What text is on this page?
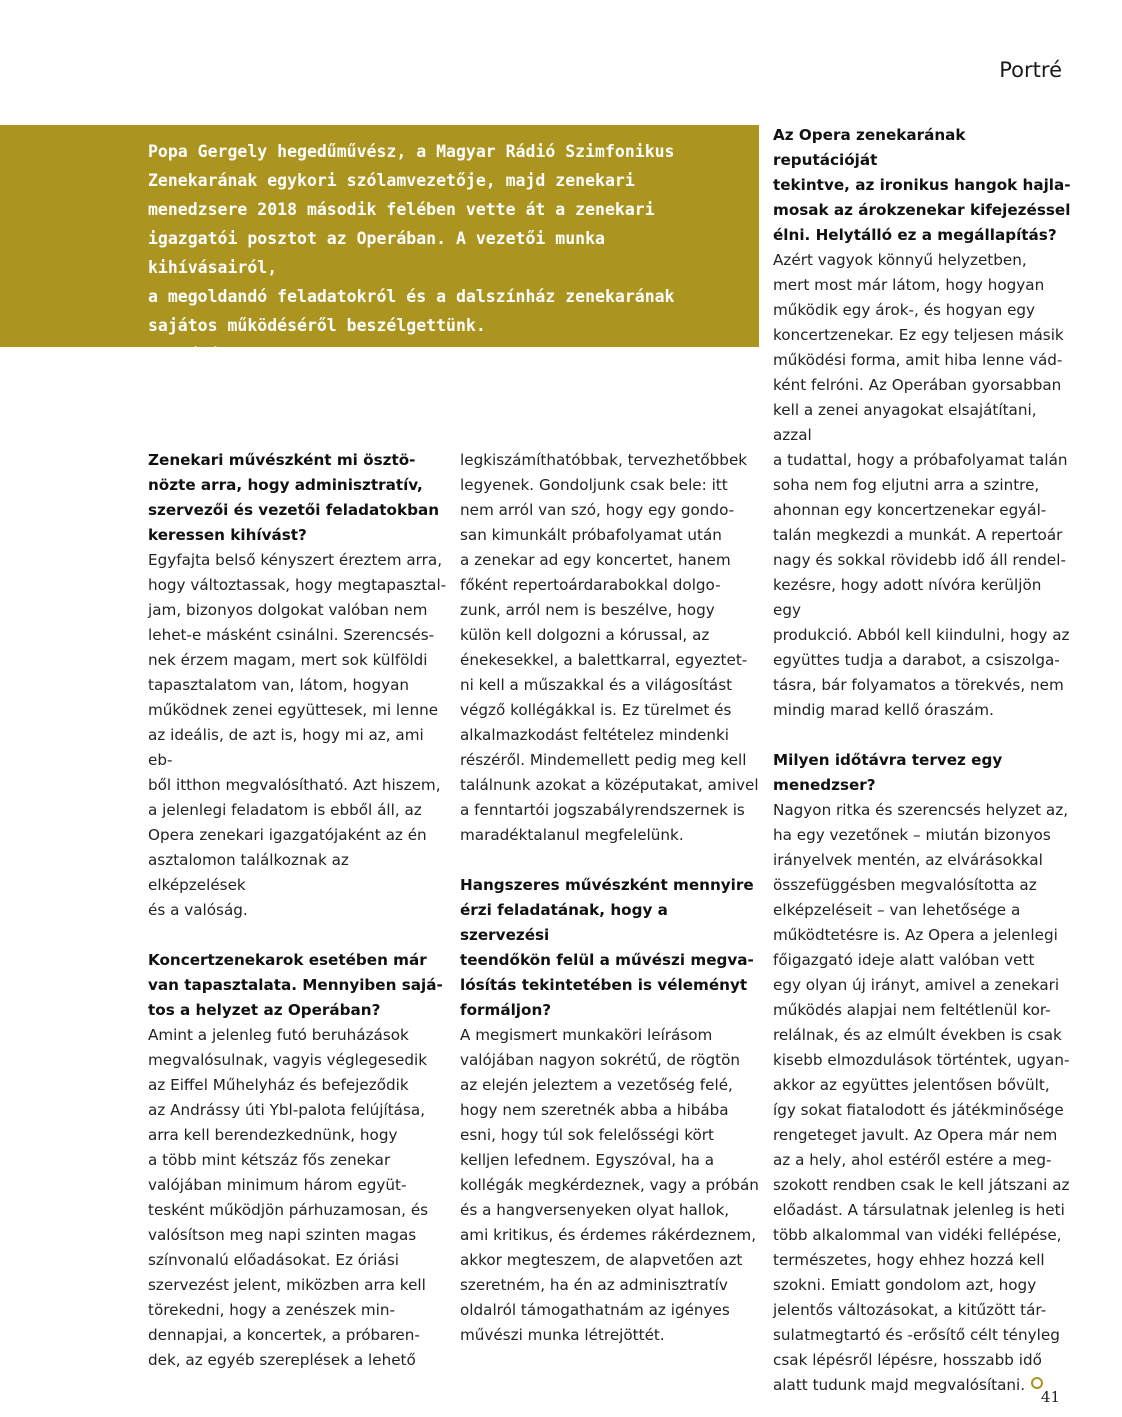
Portré
Popa Gergely hegedűművész, a Magyar Rádió Szimfonikus
Zenekarának egykori szólamvezetője, majd zenekari
menedzsere 2018 második felében vette át a zenekari
igazgatói posztot az Operában. A vezetői munka kihívásairól,
a megoldandó feladatokról és a dalszínház zenekarának
sajátos működéséről beszélgettünk.
Ur Máté

Zenekari művészként mi ösztö-
nözte arra, hogy adminisztratív,
szervezői és vezetői feladatokban
keressen kihívást?

Egyfajta belső kényszert éreztem arra,
hogy változtassak, hogy megtapasztal-
jam, bizonyos dolgokat valóban nem
lehet-e másként csinálni. Szerencsés-
nek érzem magam, mert sok külföldi
tapasztalatom van, látom, hogyan
működnek zenei együttesek, mi lenne
az ideális, de azt is, hogy mi az, ami eb-
ből itthon megvalósítható. Azt hiszem,
a jelenlegi feladatom is ebből áll, az
Opera zenekari igazgatójaként az én
asztalomon találkoznak az elképzelések
és a valóság.

Koncertzenekarok esetében már
van tapasztalata. Mennyiben sajá-
tos a helyzet az Operában?

Amint a jelenleg futó beruházások
megvalósulnak, vagyis véglegesedik
az Eiffel Műhelyház és befejeződik
az Andrássy úti Ybl-palota felújítása,
arra kell berendezkednünk, hogy
a több mint kétszáz fős zenekar
valójában minimum három együt-
tesként működjön párhuzamosan, és
valósítson meg napi szinten magas
színvonalú előadásokat. Ez óriási
szervezést jelent, miközben arra kell
törekedni, hogy a zenészek min-
dennapjai, a koncertek, a próbaren-
dek, az egyéb szereplések a lehető

legkiszámíthatóbbak, tervezhetőbbek
legyenek. Gondoljunk csak bele: itt
nem arról van szó, hogy egy gondo-
san kimunkált próbafolyamat után
a zenekar ad egy koncertet, hanem
főként repertoárdarabokkal dolgo-
zunk, arról nem is beszélve, hogy
külön kell dolgozni a kórussal, az
énekesekkel, a balettkarral, egyeztet-
ni kell a műszakkal és a világosítást
végző kollégákkal is. Ez türelmet és
alkalmazkodást feltételez mindenki
részéről. Mindemellett pedig meg kell
találnunk azokat a középutakat, amivel
a fenntartói jogszabályrendszernek is
maradéktalanul megfelelünk.

Hangszeres művészként mennyire
érzi feladatának, hogy a szervezési
teendőkön felül a művészi megva-
lósítás tekintetében is véleményt
formáljon?

A megismert munkaköri leírásom
valójában nagyon sokrétű, de rögtön
az elején jeleztem a vezetőség felé,
hogy nem szeretnék abba a hibába
esni, hogy túl sok felelősségi kört
kelljen lefednem. Egyszóval, ha a
kollégák megkérdeznek, vagy a próbán
és a hangversenyeken olyat hallok,
ami kritikus, és érdemes rákérdeznem,
akkor megteszem, de alapvetően azt
szeretném, ha én az adminisztratív
oldalról támogathatnám az igényes
művészi munka létrejöttét.

Az Opera zenekarának reputációját
tekintve, az ironikus hangok hajla-
mosak az árokzenekar kifejezéssel
élni. Helytálló ez a megállapítás?

Azért vagyok könnyű helyzetben,
mert most már látom, hogy hogyan
működik egy árok-, és hogyan egy
koncertzenekar. Ez egy teljesen másik
működési forma, amit hiba lenne vád-
ként felróni. Az Operában gyorsabban
kell a zenei anyagokat elsajátítani, azzal
a tudattal, hogy a próbafolyamat talán
soha nem fog eljutni arra a szintre,
ahonnan egy koncertzenekar egyál-
talán megkezdi a munkát. A repertoár
nagy és sokkal rövidebb idő áll rendel-
kezésre, hogy adott nívóra kerüljön egy
produkció. Abból kell kiindulni, hogy az
együttes tudja a darabot, a csiszolga-
tásra, bár folyamatos a törekvés, nem
mindig marad kellő óraszám.

Milyen időtávra tervez egy
menedzser?

Nagyon ritka és szerencsés helyzet az,
ha egy vezetőnek – miután bizonyos
irányelvek mentén, az elvárásokkal
összefüggésben megvalósította az
elképzeléseit – van lehetősége a
működtetésre is. Az Opera a jelenlegi
főigazgató ideje alatt valóban vett
egy olyan új irányt, amivel a zenekari
működés alapjai nem feltétlenül kor-
relálnak, és az elmúlt években is csak
kisebb elmozdulások történtek, ugyan-
akkor az együttes jelentősen bővült,
így sokat fiatalodott és játékminősége
rengeteget javult. Az Opera már nem
az a hely, ahol estéről estére a meg-
szokott rendben csak le kell játszani az
előadást. A társulatnak jelenleg is heti
több alkalommal van vidéki fellépése,
természetes, hogy ehhez hozzá kell
szokni. Emiatt gondolom azt, hogy
jelentős változásokat, a kitűzött tár-
sulatmegtartó és -erősítő célt tényleg
csak lépésről lépésre, hosszabb idő
alatt tudunk majd megvalósítani.

41
